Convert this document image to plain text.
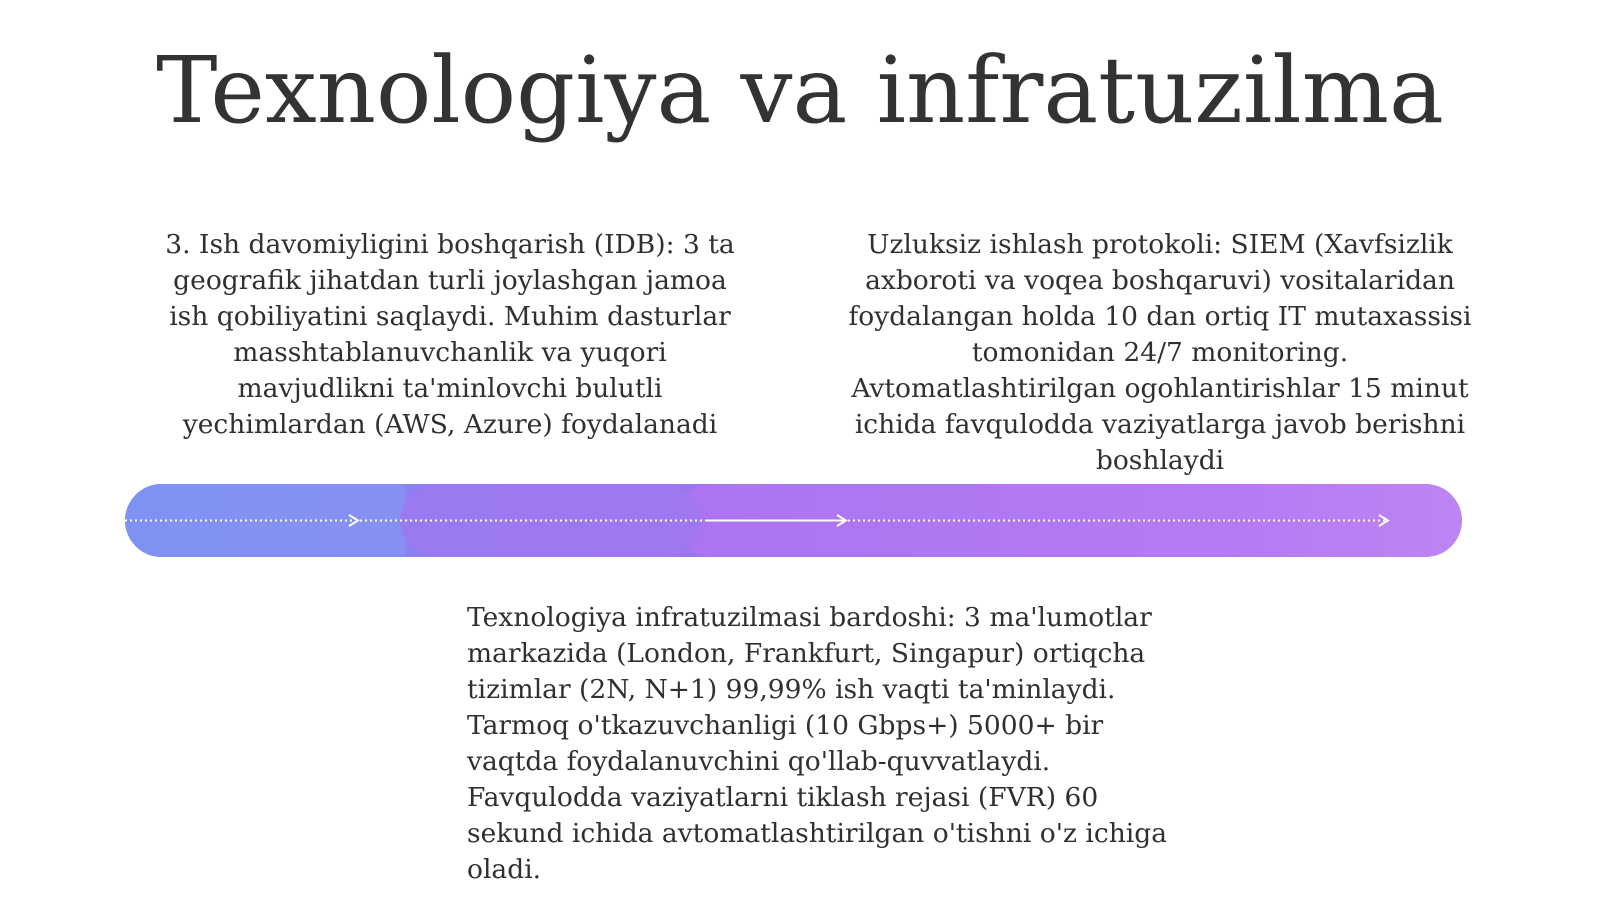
Texnologiya va infratuzilma
3. Ish davomiyligini boshqarish (IDB): 3 ta geografik jihatdan turli joylashgan jamoa ish qobiliyatini saqlaydi. Muhim dasturlar masshtablanuvchanlik va yuqori mavjudlikni ta'minlovchi bulutli yechimlardan (AWS, Azure) foydalanadi
Uzluksiz ishlash protokoli: SIEM (Xavfsizlik axboroti va voqea boshqaruvi) vositalaridan foydalangan holda 10 dan ortiq IT mutaxassisi tomonidan 24/7 monitoring. Avtomatlashtirilgan ogohlantirishlar 15 minut ichida favqulodda vaziyatlarga javob berishni boshlaydi
Texnologiya infratuzilmasi bardoshi: 3 ma'lumotlar markazida (London, Frankfurt, Singapur) ortiqcha tizimlar (2N, N+1) 99,99% ish vaqti ta'minlaydi. Tarmoq o'tkazuvchanligi (10 Gbps+) 5000+ bir vaqtda foydalanuvchini qo'llab-quvvatlaydi. Favqulodda vaziyatlarni tiklash rejasi (FVR) 60 sekund ichida avtomatlashtirilgan o'tishni o'z ichiga oladi.
